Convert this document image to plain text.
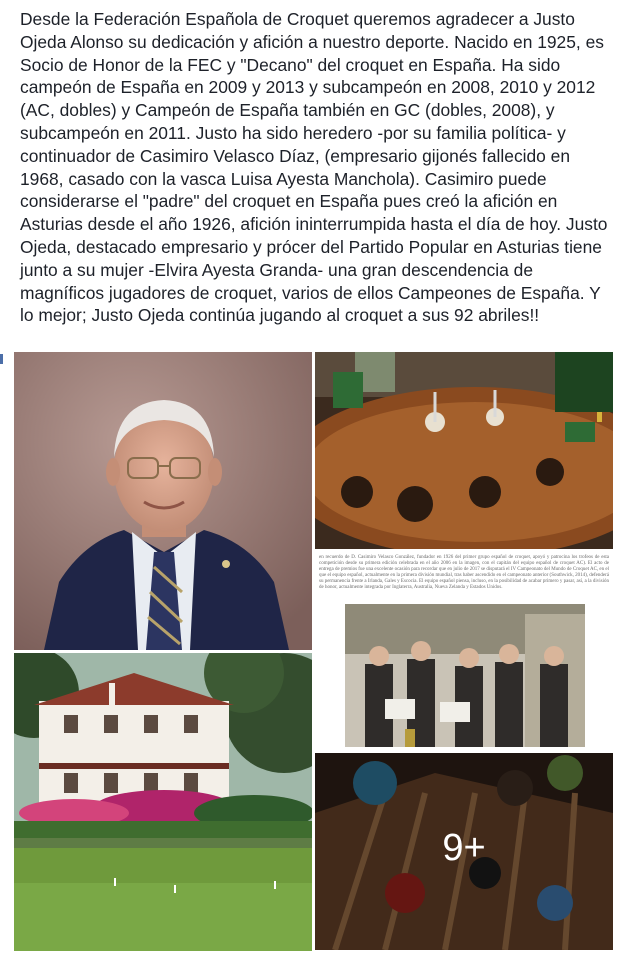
Desde la Federación Española de Croquet queremos agradecer a Justo
Ojeda Alonso su dedicación y afición a nuestro deporte. Nacido en 1925, es
Socio de Honor de la FEC y "Decano" del croquet en España. Ha sido
campeón de España en 2009 y 2013 y subcampeón en 2008, 2010 y 2012
(AC, dobles) y Campeón de España también en GC (dobles, 2008), y
subcampeón en 2011. Justo ha sido heredero -por su familia política- y
continuador de Casimiro Velasco Díaz, (empresario gijonés fallecido en
1968, casado con la vasca Luisa Ayesta Manchola). Casimiro puede
considerarse el "padre" del croquet en España pues creó la afición en
Asturias desde el año 1926, afición ininterrumpida hasta el día de hoy. Justo
Ojeda, destacado empresario y prócer del Partido Popular en Asturias tiene
junto a su mujer -Elvira Ayesta Granda- una gran descendencia de
magníficos jugadores de croquet, varios de ellos Campeones de España. Y
lo mejor; Justo Ojeda continúa jugando al croquet a sus 92 abriles!!

en recuerdo de D. Casimiro Velasco González, fundador en 1926 del primer grupo español de croquet, apoyó y patrocina los trofeos de esta competición desde su primera edición celebrada en el año 2006 en la imagen, con el capitán del equipo español de croquet AC). El acto de entrega de premios fue una excelente ocasión para recordar que en julio de 2017 se disputará el IV Campeonato del Mundo de Croquet AC, en el que el equipo español, actualmente en la primera división mundial, tras haber ascendido en el campeonato anterior (Southwick, 2014), defenderá su permanencia frente a Irlanda, Gales y Escocia. El equipo español piensa, incluso, en la posibilidad de acabar primero y pasar, así, a la división de honor, actualmente integrada por Inglaterra, Australia, Nueva Zelanda y Estados Unidos.

9+
